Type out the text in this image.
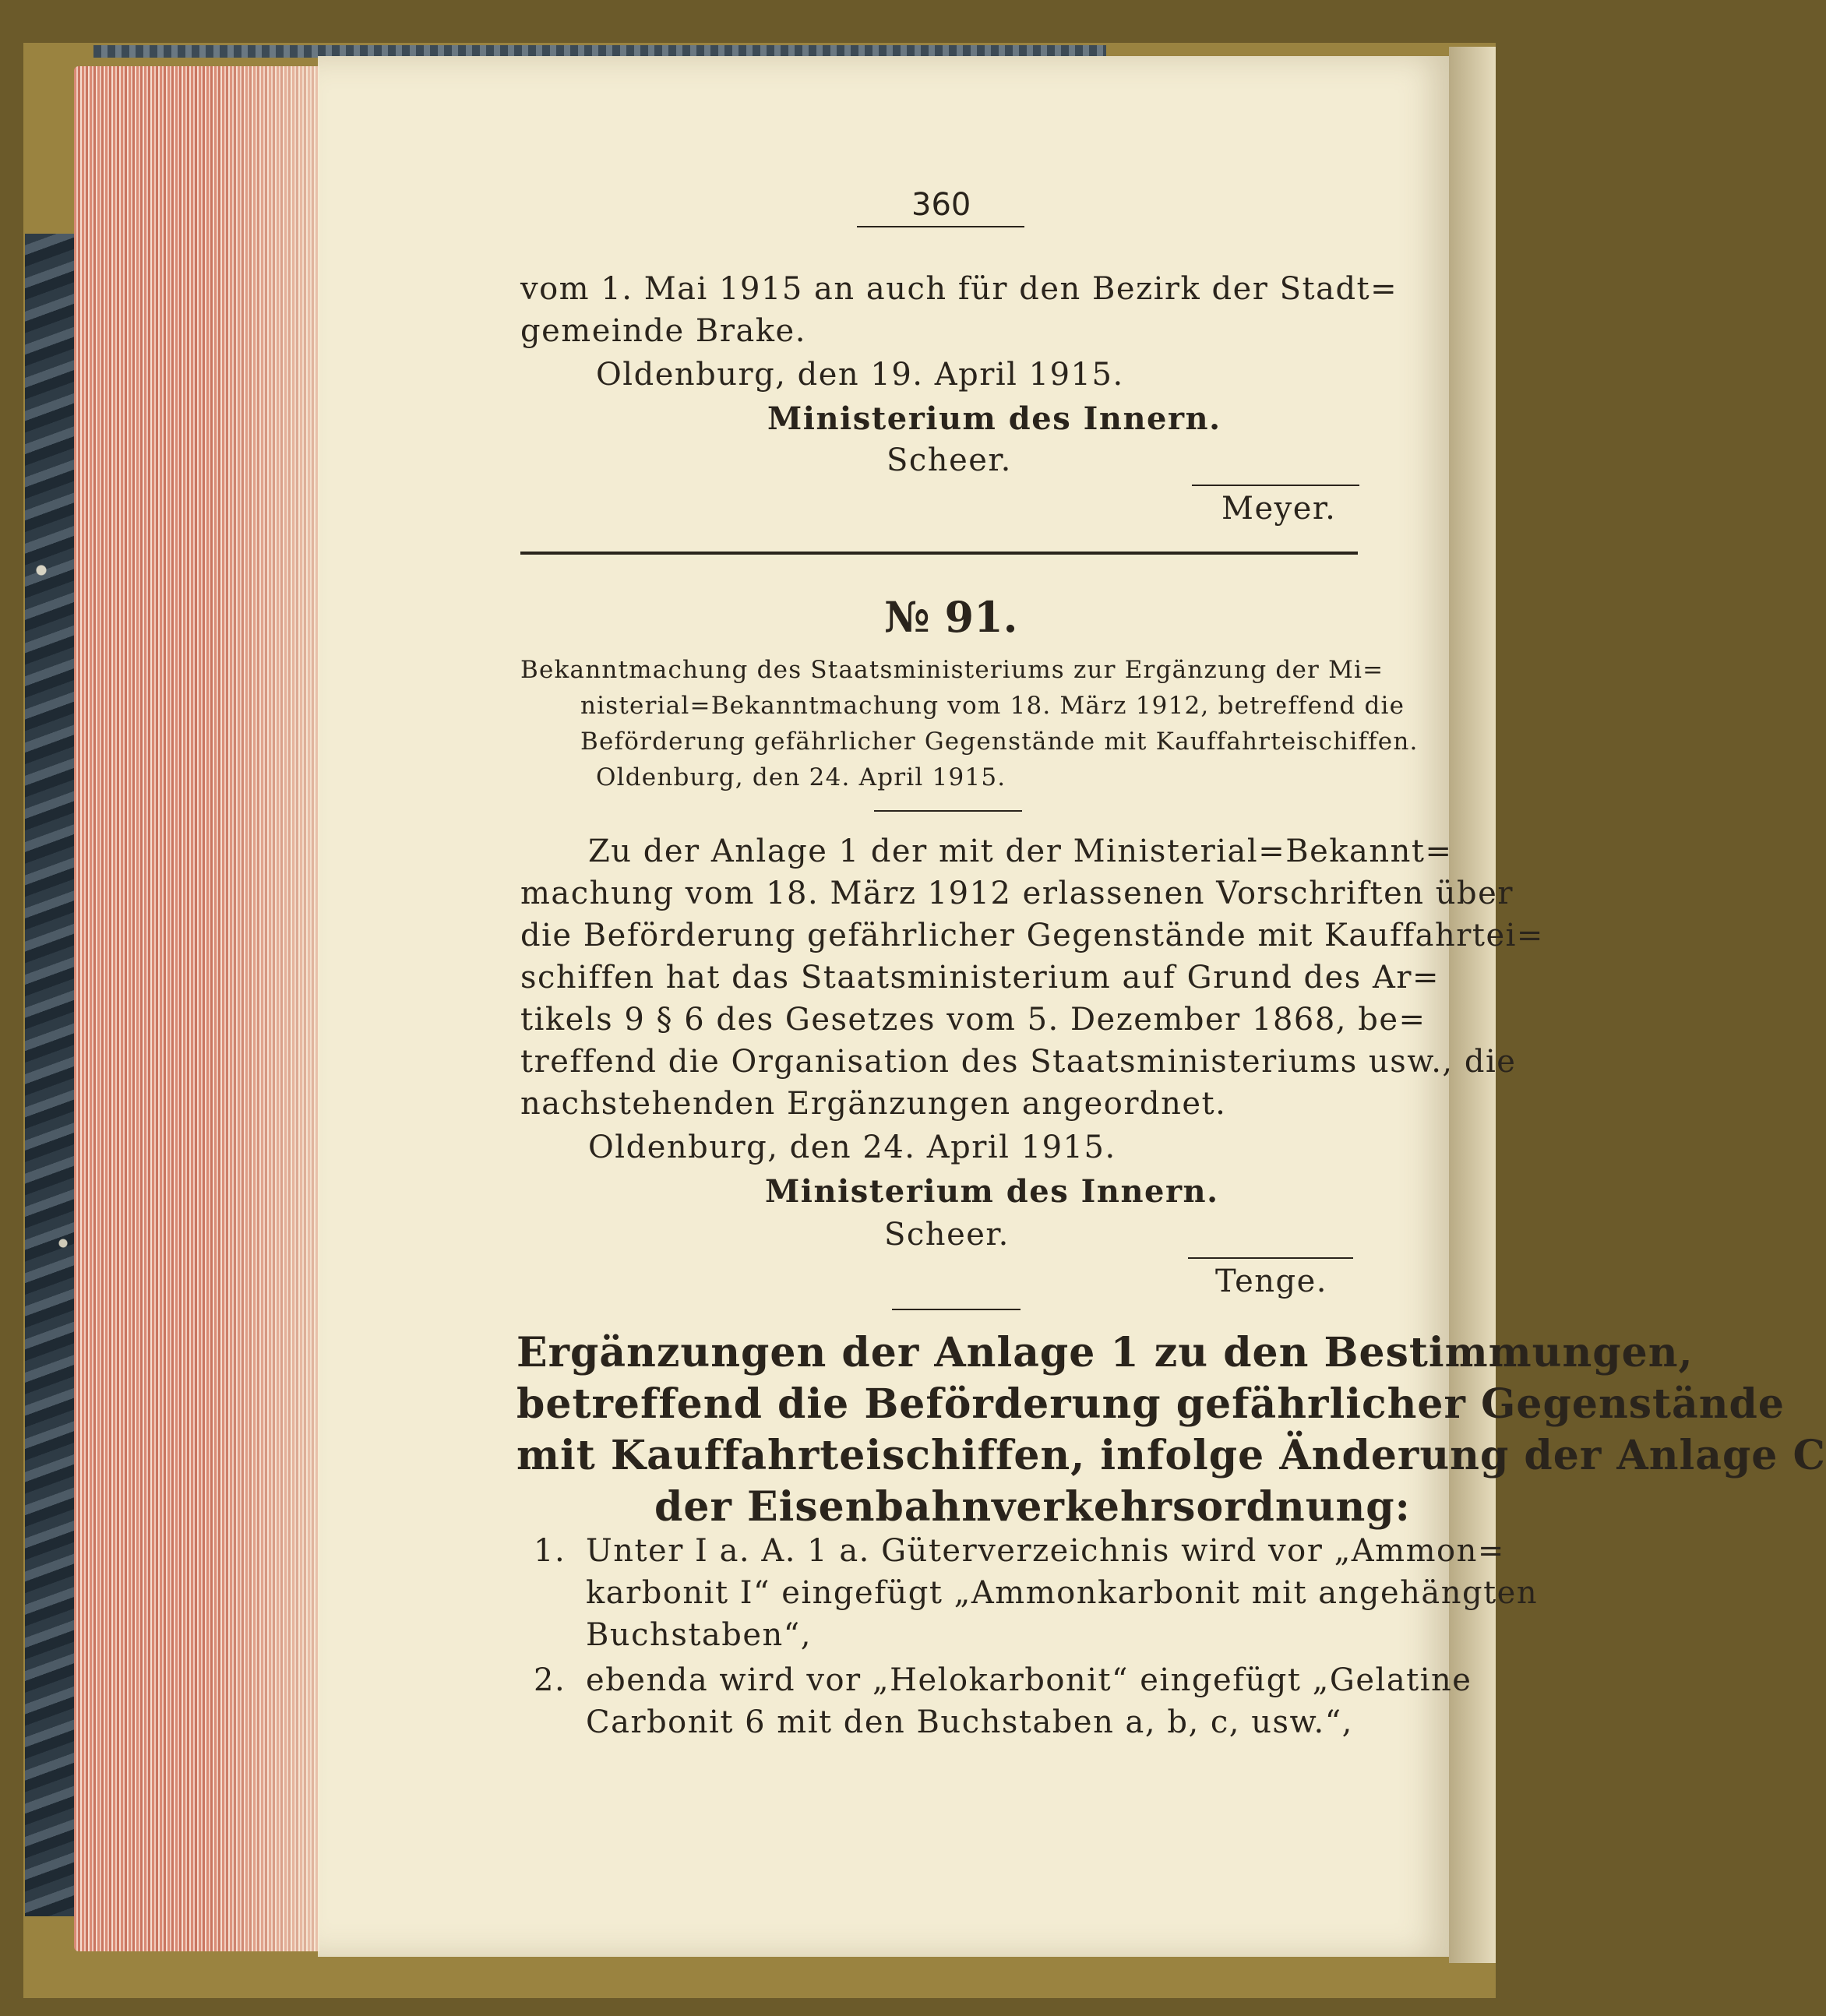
360
vom 1. Mai 1915 an auch für den Bezirk der Stadt=
gemeinde Brake.
Oldenburg, den 19. April 1915.
Ministerium des Innern.
Scheer.
Meyer.
№ 91.
Bekanntmachung des Staatsministeriums zur Ergänzung der Mi=
nisterial=Bekanntmachung vom 18. März 1912, betreffend die
Beförderung gefährlicher Gegenstände mit Kauffahrteischiffen.
Oldenburg, den 24. April 1915.
Zu der Anlage 1 der mit der Ministerial=Bekannt=
machung vom 18. März 1912 erlassenen Vorschriften über
die Beförderung gefährlicher Gegenstände mit Kauffahrtei=
schiffen hat das Staatsministerium auf Grund des Ar=
tikels 9 § 6 des Gesetzes vom 5. Dezember 1868, be=
treffend die Organisation des Staatsministeriums usw., die
nachstehenden Ergänzungen angeordnet.
Oldenburg, den 24. April 1915.
Ministerium des Innern.
Scheer.
Tenge.
Ergänzungen der Anlage 1 zu den Bestimmungen,
betreffend die Beförderung gefährlicher Gegenstände
mit Kauffahrteischiffen, infolge Änderung der Anlage C
der Eisenbahnverkehrsordnung:
1. Unter I a. A. 1 a. Güterverzeichnis wird vor „Ammon=
karbonit I“ eingefügt „Ammonkarbonit mit angehängten
Buchstaben“,
2. ebenda wird vor „Helokarbonit“ eingefügt „Gelatine
Carbonit 6 mit den Buchstaben a, b, c, usw.“,
